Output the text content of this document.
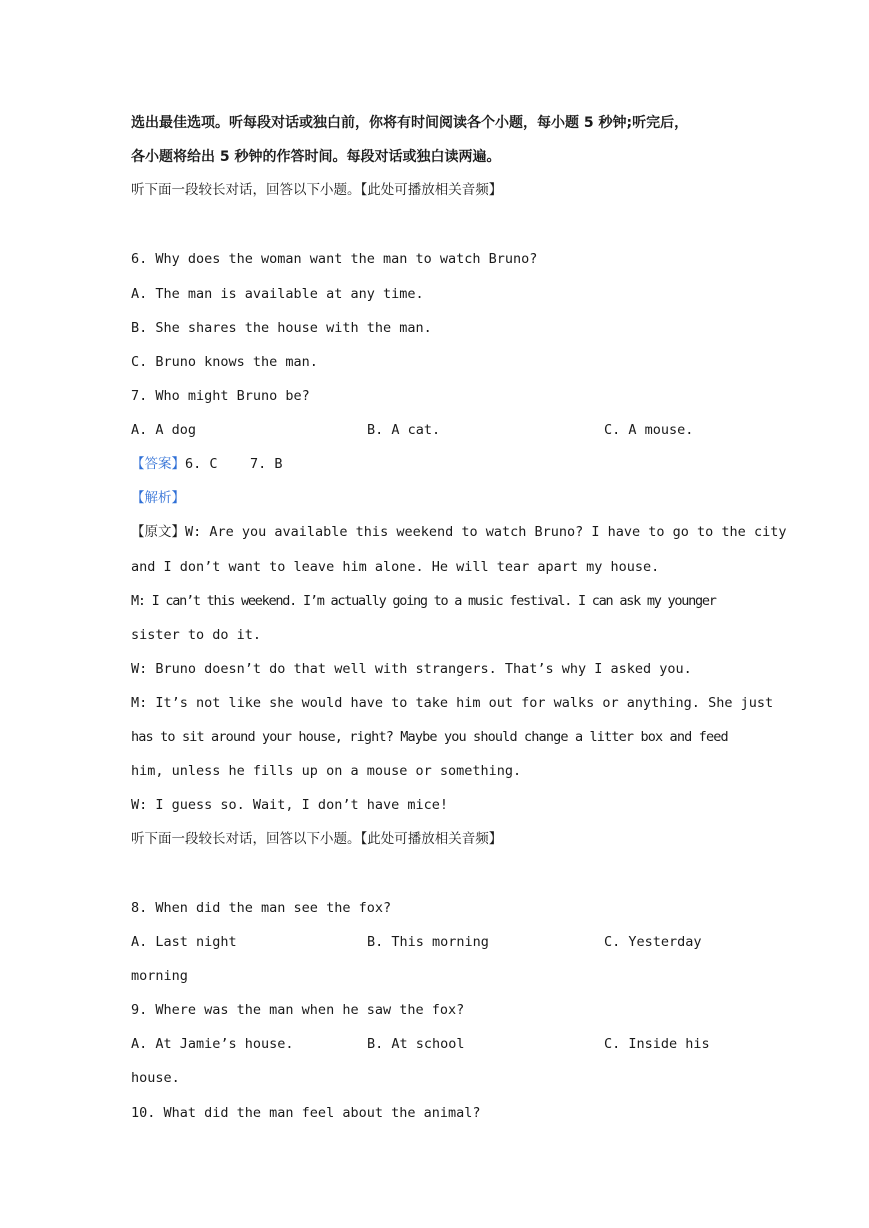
选出最佳选项。听每段对话或独白前，你将有时间阅读各个小题，每小题 5 秒钟;听完后，
各小题将给出 5 秒钟的作答时间。每段对话或独白读两遍。
听下面一段较长对话，回答以下小题。【此处可播放相关音频】
6. Why does the woman want the man to watch Bruno?
A. The man is available at any time.
B. She shares the house with the man.
C. Bruno knows the man.
7. Who might Bruno be?
A. A dog	B. A cat.	C. A mouse.
【答案】6. C    7. B
【解析】
【原文】W: Are you available this weekend to watch Bruno? I have to go to the city
and I don’t want to leave him alone. He will tear apart my house.
M: I can’t this weekend. I’m actually going to a music festival. I can ask my younger
sister to do it.
W: Bruno doesn’t do that well with strangers. That’s why I asked you.
M: It’s not like she would have to take him out for walks or anything. She just
has to sit around your house, right? Maybe you should change a litter box and feed
him, unless he fills up on a mouse or something.
W: I guess so. Wait, I don’t have mice!
听下面一段较长对话，回答以下小题。【此处可播放相关音频】
8. When did the man see the fox?
A. Last night	B. This morning	C. Yesterday
morning
9. Where was the man when he saw the fox?
A. At Jamie’s house.	B. At school	C. Inside his
house.
10. What did the man feel about the animal?
